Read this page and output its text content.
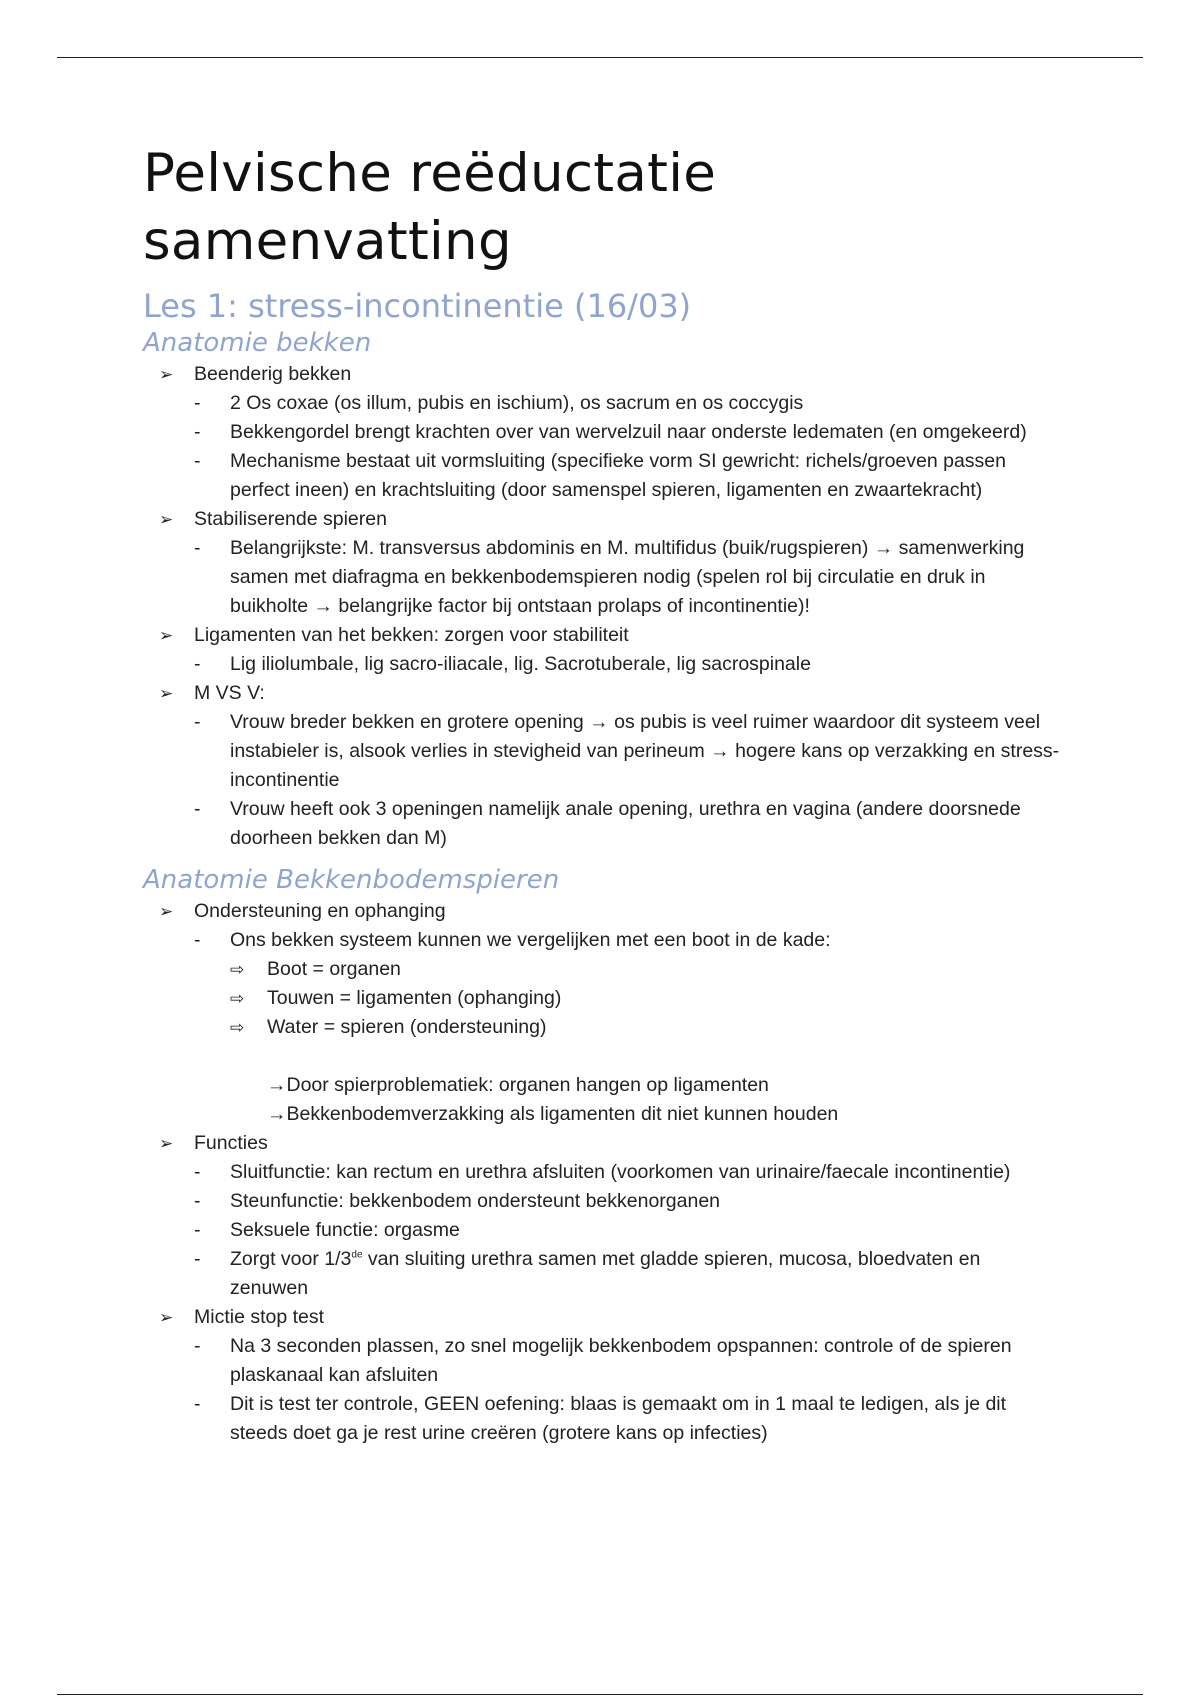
Pelvische reëductatie
samenvatting
Les 1: stress-incontinentie (16/03)
Anatomie bekken
➢	Beenderig bekken
-	2 Os coxae (os illum, pubis en ischium), os sacrum en os coccygis
-	Bekkengordel brengt krachten over van wervelzuil naar onderste ledematen (en omgekeerd)
-	Mechanisme bestaat uit vormsluiting (specifieke vorm SI gewricht: richels/groeven passen perfect ineen) en krachtsluiting (door samenspel spieren, ligamenten en zwaartekracht)
➢	Stabiliserende spieren
-	Belangrijkste: M. transversus abdominis en M. multifidus (buik/rugspieren) → samenwerking samen met diafragma en bekkenbodemspieren nodig (spelen rol bij circulatie en druk in buikholte → belangrijke factor bij ontstaan prolaps of incontinentie)!
➢	Ligamenten van het bekken: zorgen voor stabiliteit
-	Lig iliolumbale, lig sacro-iliacale, lig. Sacrotuberale, lig sacrospinale
➢	M VS V:
-	Vrouw breder bekken en grotere opening → os pubis is veel ruimer waardoor dit systeem veel instabieler is, alsook verlies in stevigheid van perineum → hogere kans op verzakking en stress-incontinentie
-	Vrouw heeft ook 3 openingen namelijk anale opening, urethra en vagina (andere doorsnede doorheen bekken dan M)
Anatomie Bekkenbodemspieren
➢	Ondersteuning en ophanging
-	Ons bekken systeem kunnen we vergelijken met een boot in de kade:
⇨	Boot = organen
⇨	Touwen = ligamenten (ophanging)
⇨	Water = spieren (ondersteuning)
→Door spierproblematiek: organen hangen op ligamenten
→Bekkenbodemverzakking als ligamenten dit niet kunnen houden
➢	Functies
-	Sluitfunctie: kan rectum en urethra afsluiten (voorkomen van urinaire/faecale incontinentie)
-	Steunfunctie: bekkenbodem ondersteunt bekkenorganen
-	Seksuele functie: orgasme
-	Zorgt voor 1/3de van sluiting urethra samen met gladde spieren, mucosa, bloedvaten en zenuwen
➢	Mictie stop test
-	Na 3 seconden plassen, zo snel mogelijk bekkenbodem opspannen: controle of de spieren plaskanaal kan afsluiten
-	Dit is test ter controle, GEEN oefening: blaas is gemaakt om in 1 maal te ledigen, als je dit steeds doet ga je rest urine creëren (grotere kans op infecties)
